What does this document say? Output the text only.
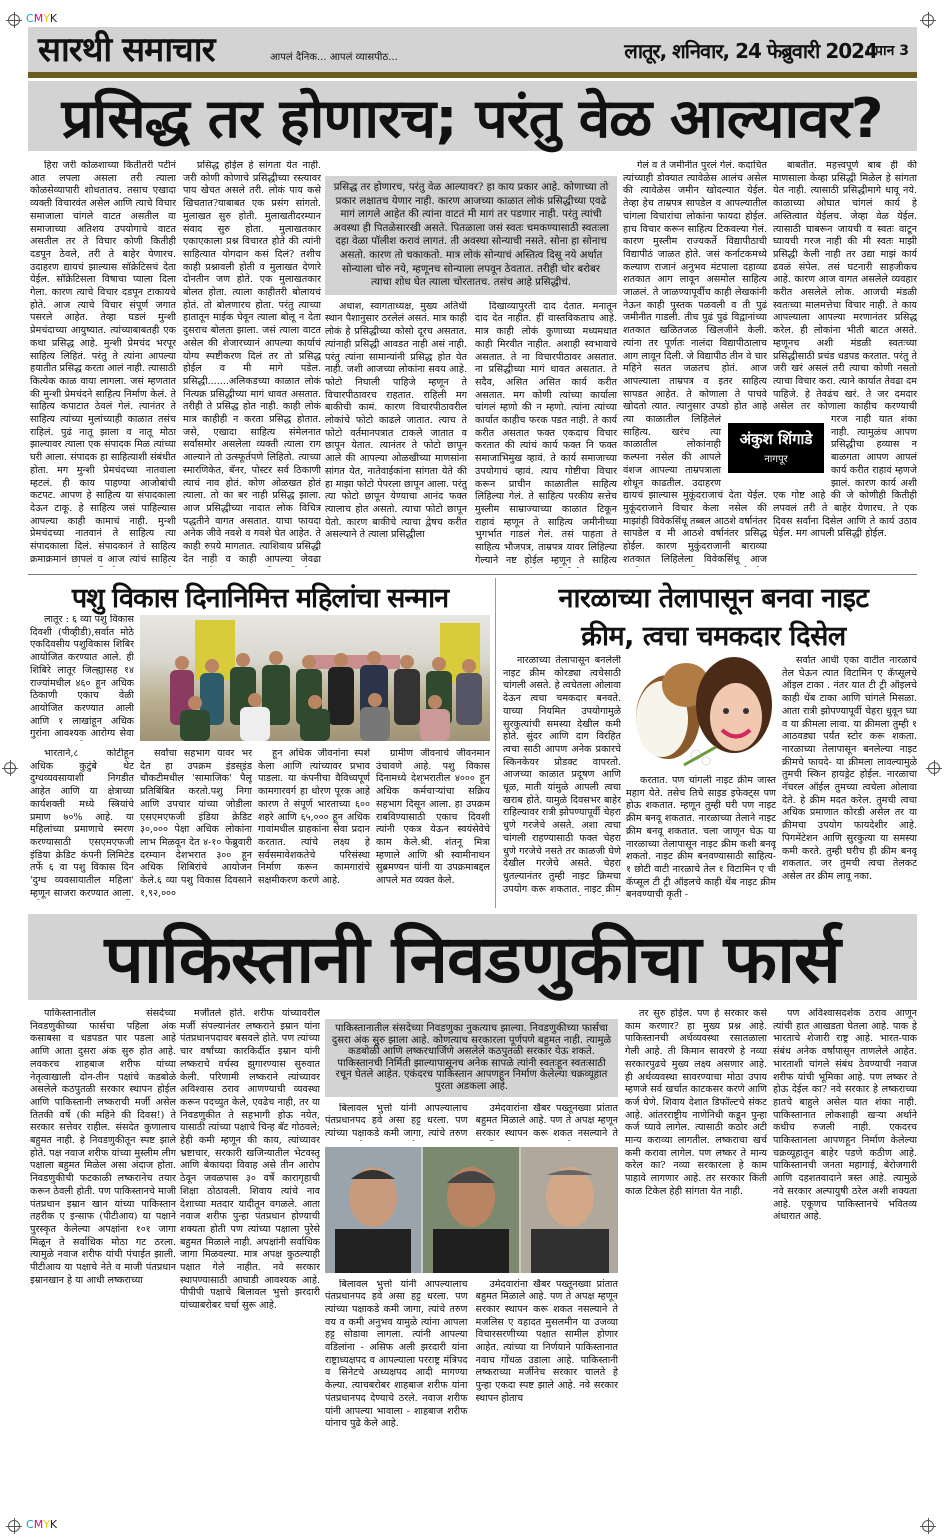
CMYK
CMYK
सारथी समाचार	आपलं दैनिक... आपलं व्यासपीठ...	लातूर, शनिवार, 24 फेब्रुवारी 2024
। पान 3
प्रसिद्ध तर होणारच; परंतु वेळ आल्यावर?

हिरा जरी कोळशाच्या कितीतरी पटीनं आत लपला असला तरी त्याला कोळसेव्यापारी शोधतातच. तसाच एखादा व्यक्ती विचारवंत असेल आणि त्याचे विचार समाजाला चांगले वाटत असतील वा समाजाच्या अतिशय उपयोगाचे वाटत असतील तर ते विचार कोणी कितीही दडपून ठेवले, तरी ते बाहेर येणारच. उदाहरण द्यायचं झाल्यास सॉक्रेटिसचं देता येईल. सॉक्रेटिसला विषाचा प्याला दिला गेला. कारण त्याचे विचार दडपून टाकायचे होते. आज त्याचे विचार संपूर्ण जगात पसरले आहेत. तेव्हा घडलं मुन्शी प्रेमचंदाच्या आयुष्यात. त्यांच्याबाबतही एक कथा प्रसिद्ध आहे. मुन्शी प्रेमचंद भरपूर साहित्य लिहितं. परंतु ते त्यांना आपल्या हयातीत प्रसिद्ध करता आलं नाही. त्यासाठी कित्येक काळ वाया लागला. जसं म्हणतात की मुन्शी प्रेमचंदने साहित्य निर्माण केलं. ते साहित्य कपाटात ठेवलं गेलं. त्यानंतर ते साहित्य त्यांच्या मुलांच्याही काळात तसंच राहिलं. पुढं नातू झाला व नातू मोठा झाल्यावर त्याला एक संपादक मिळ त्यांच्या घरी आला. संपादक हा साहित्याशी संबंधीत होता. मग मुन्शी प्रेमचंदच्या नातवाला म्हटलं. ही काय पाहण्या आजोबांची कटपट. आपण हे साहित्य या संपादकाला देऊन टाकू. हे साहित्य जसं पाहिल्यास आपल्या काही कामाचं नाही. मुन्शी प्रेमचंदच्या नातवानं ते साहित्य त्या संपादकाला दिलं. संपादकानं ते साहित्य क्रमाक्रमानं छापलं व आज त्यांचं साहित्य

प्रसिद्ध होईल हे सांगता येत नाही. जरी कोणी कोणाचे प्रसिद्धीच्या रस्त्यावर पाय खेचत असले तरी. लोकं पाय कसे खिचतात?याबाबत एक प्रसंग सांगतो. मुलाखत सुरु होती. मुलाखतीदरम्यान संवाद सुरु होता. मुलाखतकार एकाएकाला प्रश्न विचारत होते की त्यांनी साहित्यात योगदान कसं दिलं? तशीच काही प्रश्नावली होती व मुलाखत देणारे दोनतीन जण होते. एक मुलाखतकार बोलत होता. त्याला काहीतरी बोलायचं होतं. तो बोलणारच होता. परंतु त्याच्या हातातून माईक घेवून त्याला बोलू न देता दुसराच बोलता झाला. जसं त्याला वाटत असेल की शेजारच्यानं आपल्या कार्याचं योग्य स्पष्टीकरण दिलं तर तो प्रसिद्ध होईल व मी मागे पडेल. प्रसिद्धी.......अलिकडच्या काळात लोकं नित्यक्र प्रसिद्धीच्या मागं धावत असतात. तरीही ते प्रसिद्ध होत नाही. काही लोकं मात्र काहीही न करता प्रसिद्ध होतात. जसे, एखादा साहित्य संमेलनात सर्वांसमोर असलेला व्यक्ती त्याला राग आल्याने तो उत्स्फूर्तपणे लिहितो. त्याच्या स्मारणिकेत, बॅनर, पोस्टर सर्व ठिकाणी त्याचं नाव होतं. कोण ओळखत होतं त्याला. तो का बर नाही प्रसिद्ध झाला. आज प्रसिद्धीच्या नादात लोक विचित्र पद्धतीने वागत असतात. याचा फायदा अनेक जीवे नवशे व गवशे घेत आहेत. ते काही रुपये मागतात. त्याशिवाय प्रसिद्धी देत नाही व काही आपल्या जेवढा

प्रसिद्ध तर होणारच, परंतु वेळ आल्यावर? हा काय प्रकार आहे. कोणाच्या तो प्रकार लक्षातच येणार नाही. कारण आजच्या काळात लोकं प्रसिद्धीच्या एवढे मागं लागले आहेत की त्यांना वाटतं मी मागं तर पडणार नाही. परंतु त्यांची अवस्था ही पितळेसारखी असते. पितळाला जसं स्वतः चमकण्यासाठी स्वतःला दहा वेळा पॉलीश करावं लागतं. ती अवस्था सोन्याची नसते. सोना हा सोनाच असतो. कारण तो चकाकतो. मात्र लोकं सोन्याचं अस्तित्व दिसू नये अर्थात सोन्याला चोरु नये, म्हणूनच सोन्याला लपवून ठेवतात. तरीही चोर बरोबर त्याचा शोध घेत त्याला चोरतातच. तसंच आहे प्रसिद्धीचं.

अधाश, स्वागताध्यक्ष, मुख्य अतिथी स्थान पैशानुसार ठरलेलं असतं. मात्र काही लोकं हे प्रसिद्धीच्या कोसो दूरच असतात. त्यांनाही प्रसिद्धी आवडत नाही असं नाही. परंतु त्यांना सामान्यांनी प्रसिद्ध होत येत नाही. जशी आजच्या लोकांना सवय आहे. फोटो निघाली पाहिजे म्हणून ते विचारपीठावरच राहतात. राहिली मग बाकीची कामं. कारण विचारपीठावरील लोकांचे फोटो काढले जातात. त्याच ते फोटो वर्तमानपत्रात टाकले जातात व छापून येतात. त्यानंतर ते फोटो छापून आले की आपल्या ओळखीच्या माणसांना सांगत येत, नातेवाईकांना सांगता येते की हा माझा फोटो पेपरला छापून आला. परंतु त्या फोटो छापून येण्याचा आनंद फक्त त्यालाच होत असतो. त्याचा फोटो छापून येतो. कारण बाकीचे त्याचा द्वेषच करीत असल्याने ते त्याला प्रसिद्धीला

दिखाव्यापुरती दाद देतात. मनातून दाद देत नाहीत. हीं वास्तविकताच आहे. मात्र काही लोकं कुणाच्या मध्यमधात काही मिरवीत नाहीत. अशाही स्वभावाचे असतात. ते ना विचारपीठावर असतात. ना प्रसिद्धीच्या मागं धावत असतात. ते सदैव, असित असित कार्य करीत असतात. मग कोणी त्यांच्या कार्याला चांगलं म्हणो की न म्हणो. त्यांना त्यांच्या कार्यात काहीच फरक पडत नाही. ते कार्य करीत असतात फक्त एकदाच विचार करतात की त्यांचं कार्य फक्त नि फक्त समाजाभिमुख व्हावं. ते कार्य समाजाच्या उपयोगाचं व्हावं. त्याच गोष्टीचा विचार करून प्राचीन काळातील साहित्य लिहिल्या गेलं. ते साहित्य परकीय सत्तेच मुस्लीम साम्राज्याच्या काळात टिकून राहावं म्हणून ते साहित्य जमीनीच्या भुगर्भात गाडलं गेलं. तसं पाहता ते साहित्य भौजपत्र, ताम्रपत्र यावर लिहिल्या गेल्याने नष्ट होईल म्हणून ते साहित्य

गेलं व ते जमीनीत पुरलं गेलं. कदाचित त्यांच्याही डोक्यात त्यावेळेस आलंच असेल की त्यावेळेस जमीन खोदल्यात येईल. तेव्हा हेच ताम्रपत्र सापडेल व आपल्यातील चांगला विचारांचा लोकांना फायदा होईल. हाच विचार करून साहित्य टिकवल्या गेलं. कारण मुस्लीम राज्यकर्ते विद्यापीठाची विद्यापीठं जाळत होते. जसं कर्नाटकमध्ये कल्याण राजानं अनुभव मंटपाला दहाव्या शतकात आग लावून असमोल साहित्य जाळलं. ते जाळण्यापूर्वीच काही लेखकांनी नेऊन काही पुस्तक पळवली व ती पुढं जमीनीत गाडली. तीच पुढं पुढं विद्वानांच्या शतकात खळितजळ खिलजीने केली. त्यांना तर पूर्णतः नालंदा विद्यापीठालाच आग लावून दिली. जे विद्यापीठ तीन वे चार महिने सतत जळतच होतं. आज आपल्याला ताम्रपत्र व इतर साहित्य सापडत आहेत. ते कोणाला ते पाचवे खोदतो त्यात. त्यानुसार उपडो होत आहे त्या काळातील लिहिलेलं साहित्य. खरंच त्या काळातील लोकांनाही कल्पना नसेल की आपले वंशज आपल्या ताम्रपत्राला शोधून काढतील. उदाहरण द्यायचं झाल्यास मुकूंदराजाचं देता येईल. मुकूंदराजाने विचार केला नसेल की माझांही विवेकसिंधू तब्बल आठशे वर्षानंतर सापडेल व मी आठशे वर्षानंतर प्रसिद्ध होईल. कारण मुकुंदराजानी बाराव्या शतकात लिहिलेला विवेकसिंधू आज

बाबतीत. महत्त्वपूर्ण बाब ही की माणसाला केव्हा प्रसिद्धी मिळेल हे सांगता येत नाही. त्यासाठी प्रसिद्धीमागे धावू नये. काळाच्या ओघात चांगलं कार्य हे अस्तित्वात येईलच. जेव्हा वेळ येईल. त्यासाठी घाबरून जायची व स्वतः वाटून घ्यायची गरज नाही की मी स्वतः माझी प्रसिद्धी केली नाही तर उद्या माझं कार्य ढवळं संपेल. तसं घटनारी साहजीकच आहे. कारण आज वागत असलेले व्यवहार करीत असलेले लोक. आजची मंडळी स्वतःच्या मालमत्तेचा विचार नाही. ते काय आपल्याला आपल्या मरणानंतर प्रसिद्ध करेल. ही लोकांना भीती बाटत असते. म्हणूनच अशी मंडळी स्वतःच्या प्रसिद्धीसाठी प्रचंड धडपड करतात. परंतु ते जरी खरं असलं तरी त्याचा कोणी नसतो त्याचा विचार करा. त्याने कार्यात तेवढा दम पाहिजे. हे तेवढंच खरं. ते जर दमदार असेल तर कोणाला काहीच करण्याची गरज नाही यात शंका नाही. त्यामुळंच आपण प्रसिद्धीचा हव्यास न बाळगता आपण आपलं कार्य करीत राहावं म्हणजे झालं. कारण कार्य अशी एक गोष्ट आहे की जे कोणीही कितीही लपवलं तरी ते बाहेर येणारच. ते एक दिवस सर्वांना दिसेल आणि ते कार्य उठाव घेईल. मग आपली प्रसिद्धी होईल.

अंकुश शिंगाडे
नागपूर
पशु विकास दिनानिमित्त महिलांचा सन्मान

लातूर : ६ व्या पशु विकास दिवशी (पीव्हीडी),सर्वात मोठे एकदिवसीय पशुविकास शिबिर आयोजित करण्यात आले. ही शिबिरे लातूर जिल्ह्यासह १४ राज्यांमधील ४६० हून अधिक ठिकाणी एकाच वेळी आयोजित करण्यात आली आणि १ लाखांहून अधिक गुरांना आवश्यक आरोग्य सेवा

भारताने,८ कोटीहून अधिक कुटुंबे थेट दुग्धव्यवसायाशी निगडीत आहेत आणि या क्षेत्राच्या कार्यशक्ती मध्ये स्त्रियांचे प्रमाण ७०% आहे. या महिलांच्या प्रमाणाचे स्मरण करण्यासाठी एसएमएफजी इंडिया क्रेडिट कंपनी लिमिटेड तर्फे ६ वा पशु विकास दिन 'दुग्ध व्यवसायातील महिला' म्हणून साजरा करण्यात आला.

सर्वांचा सहभाग यावर भर देत हा उपक्रम इंडस्इंड चौकटीमधील 'सामाजिक' पैलू प्रतिबिंबित करतो.पशु निगा आणि उपचार यांच्या जोडीला एसएमएफजी इंडिया क्रेडिट ३०,००० पेक्षा अधिक लोकांना लाभ मिळवून देत ४-१० फेब्रुवारी दरम्यान देशभरात ३०० हून अधिक शिबिरांचे आयोजन केले.६ व्या पशु विकास दिवसाने १,९२,०००

हून अधिक जीवनांना स्पर्श केला आणि त्यांच्यावर प्रभाव पाडला. या कंपनीचा वैविध्यपूर्ण कामगारवर्ग हा धोरण पूरक आहे कारण ते संपूर्ण भारताच्या ६०० शहरे आणि ६५,००० हून अधिक गावांमधील ग्राहकांना सेवा प्रदान करतात. त्यांचे लक्ष्य हे सर्वसमावेशकतेचे परिसंस्था निर्माण करून कामगारांचे सक्षमीकरण करणे आहे.

ग्रामीण जीवनाचे जीवनमान उंचावणे आहे. पशु विकास दिनामध्ये देशभरातील ४००० हून अधिक कर्मचाऱ्यांचा सक्रिय सहभाग दिसून आला. हा उपक्रम राबविण्यासाठी एकाच दिवशी त्यांनी एकत्र येऊन स्वयंसेवेचे काम केले.श्री. शंतनू मित्रा म्हणाले आणि श्री स्वामीनाथन सुब्रमण्यन यांनी या उपक्रमाबद्दल आपले मत व्यक्त केले.

नारळाच्या तेलापासून बनवा नाइट
क्रीम, त्वचा चमकदार दिसेल

नारळाच्या तेलापासून बनलेली नाइट क्रीम कोरड्या त्वचेसाठी चांगली असते. हे त्वचेतला ओलावा देऊन त्वचा चमकदार बनवते. याच्या नियमित उपयोगामुळे सुरकुत्यांची समस्या देखील कमी होते. सुंदर आणि दाग विरहित त्वचा साठी आपण अनेक प्रकारचे स्किनकेयर प्रोडक्ट वापरतो. आजच्या काळात प्रदूषण आणि धूळ, माती यांमुळे आपली त्वचा खराब होते. यामुळे दिवसभर बाहेर राहिल्यावर रात्री झोपण्यापूर्वी चेहरा धुणे गरजेचे असते. अशा त्वचा चांगली राहण्यासाठी फक्त चेहरा धुणे गरजेचे नसते तर काळजी घेणे देखील गरजेचे असते. चेहरा धुतल्यानंतर तुम्ही नाइट क्रिमचा उपयोग करू शकतात. नाइट क्रीम

करतात. पण चांगली नाइट क्रीम जास्त महाग येते. तसेच तिचे साइड इफेक्ट्स पण होऊ शकतात. म्हणून तुम्ही घरी पण नाइट क्रीम बनवू शकतात. नारळाच्या तेलाने नाइट क्रीम बनवू शकतात. चला जाणून घेऊ या नारळाच्या तेलापासून नाइट क्रीम कशी बनवू शकतो. नाइट क्रीम बनवण्यासाठी साहित्य- १ छोटी वाटी नारळाचे तेल १ विटामिन ए ची कॅप्सूल टी ट्री ऑइलचे काही थेंब नाइट क्रीम बनवण्याची कृती -

सर्वात आधी एका वाटीत नारळाचे तेल घेऊन त्यात विटामिन ए कॅप्सूलचे ऑइल टाका . नंतर यात टी ट्री ऑइलचे काही थेंब टाका आणि चांगले मिसळा. आता रात्री झोपण्यापूर्वी चेहरा धुवून घ्या व या क्रीमला लावा. या क्रीमला तुम्ही १ आठवड्या पर्यंत स्टोर करू शकता. नारळाच्या तेलापासून बनलेल्या नाइट क्रीमचे फायदे- या क्रीमला लावल्यामुळे तुमची स्किन हायड्रेट होईल. नारळाचा नॅचरल ऑईल तुमच्या त्वचेला ओलावा देते. हे क्रीम मदत करेल. तुमची त्वचा अधिक प्रमाणात कोरडी असेल तर या क्रीमचा उपयोग फायदेशीर आहे. पिगमेंटेशन आणि सुरकुत्या या समस्या कमी करते. तुम्ही घरीच ही क्रीम बनवू शकतात. जर तुमची त्वचा तेलकट असेल तर क्रीम लावू नका.

पाकिस्तानी निवडणुकीचा फार्स

पाकिस्तानातील संसदेच्या निवडणुकीच्या फार्सचा पहिला अंक कसाबसा व धडपडत पार पडला आहे आणि आता दुसरा अंक सुरु होत आहे. लवकरच शाहबाज शरीफ यांच्या नेतृत्वाखाली दोन-तीन पक्षांचे कडबोळे असलेले कठपुतळी सरकार स्थापन होईल आणि पाकिस्तानी लष्कराची मर्जी असेल तितकी वर्षे (की महिने की दिवस!) ते सरकार सत्तेवर राहील. संसदेत कुणालाच बहुमत नाही. हे निवडणुकीतून स्पष्ट झाले होते. पक्ष नवाज शरीफ यांच्या मुस्लीम लीग पक्षाला बहुमत मिळेल असा अंदाज होता. निवडणुकीची फटकाळी लष्करानेच तयार करून ठेवली होती. पण पाकिस्तानचे माजी पंतप्रधान इम्रान खान यांच्या पाकिस्तान तहरीक ए इन्साफ (पीटीआय) या पक्षाने पुरस्कृत केलेल्या अपक्षांना १०१ जागा मिळून ते सर्वाधिक मोठा गट ठरला. त्यामुळे नवाज शरीफ यांची पंचाईत झाली. पीटीआय या पक्षाचे नेते व माजी पंतप्रधान इम्रानखान हे या आधी लष्कराच्या

मर्जीतले होते. शरीफ यांच्यावरील मर्जी संपल्यानंतर लष्कराने इम्रान यांना पंतप्रधानपदावर बसवले होते. पण त्यांच्या चार वर्षांच्या कारकिर्दीत इम्रान यांनी लष्कराचे वर्चस्व झुगारण्यास सुरुवात केली. परिणामी लष्कराने त्यांच्यावर अविश्वास ठराव आणण्याची व्यवस्था करून पदच्युत केले, एवढेच नाही, तर या निवडणुकीत ते सहभागी होऊ नयेत, यासाठी त्यांच्या पक्षाचे चिन्ह बॅट गोठवले; हेही कमी म्हणून की काय, त्यांच्यावर भ्रष्टाचार, सरकारी खजिन्यातील भेटवस्तू आणि बेकायदा विवाह असे तीन आरोप ठेवून जवळपास ३० वर्षे कारागृहाची शिक्षा ठोठावली. शिवाय त्यांचे नाव देशाच्या मतदार यादीतून वगळले. आता नवाज शरीफ पुन्हा पंतप्रधान होण्याची शक्यता होती पण त्यांच्या पक्षाला पुरेसे बहुमत मिळाले नाही. अपक्षांनी सर्वाधिक जागा मिळवल्या. मात्र अपक्ष कुठल्याही पक्षात गेले नाहीत. नवे सरकार स्थापण्यासाठी आघाडी आवश्यक आहे. पीपीपी पक्षाचे बिलावल भुत्तो झरदारी यांच्याबरोबर चर्चा सुरू आहे.

पाकिस्तानातील संसदेच्या निवडणुका नुकत्याच झाल्या. निवडणुकीच्या फार्सचा दुसरा अंक सुरु झाला आहे. कोणत्याच सरकारला पूर्णपणे बहुमत नाही. त्यामुळे कडबोळी आणि लष्करधार्जिणे असलेले कठपुतळी सरकार येऊ शकते. पाकिस्तानची निर्मिती झाल्यापासूनच अनेक सापळे त्यांनी स्वतःहून स्वतःसाठी रचून घेतले आहेत. एकंदरच पाकिस्तान आपणहून निर्माण केलेल्या चक्रव्यूहात पुरता अडकला आहे.

बिलावल भुत्तो यांनी आपल्यालाच पंतप्रधानपद हवे असा हट्ट धरला. पण त्यांच्या पक्षाकडे कमी जागा, त्यांचे तरुण

उमेदवारांना खैबर पख्तूनख्वा प्रांतात बहुमत मिळाले आहे. पण ते अपक्ष म्हणून सरकार स्थापन करू शकत नसल्याने ते

बिलावल भुत्तो यांनी आपल्यालाच पंतप्रधानपद हवे असा हट्ट धरला. पण त्यांच्या पक्षाकडे कमी जागा, त्यांचे तरुण वय व कमी अनुभव यामुळे त्यांना आपला हट्ट सोडावा लागला. त्यांनी आपल्या वडिलांना - असिफ अली झरदारी यांना राष्ट्राध्यक्षपद व आपल्याला परराष्ट्र मंत्रिपद व सिनेटचे अध्यक्षपद आदी मागण्या केल्या. त्याचबरोबर शाहबाज शरीफ यांना पंतप्रधानपद देण्याचे ठरले. नवाज शरीफ यांनी आपल्या भावाला - शाहबाज शरीफ यांनाच पुढे केले आहे.

उमेदवारांना खैबर पख्तूनख्वा प्रांतात बहुमत मिळाले आहे. पण ते अपक्ष म्हणून सरकार स्थापन करू शकत नसल्याने ते मजलिस ए वहादत मुसलमीन या उजव्या विचारसरणीच्या पक्षात सामील होणार आहेत. त्यांच्या या निर्णयाने पाकिस्तानात नवाच गोंधळ उडाला आहे. पाकिस्तानी लष्कराच्या मर्जीनेच सरकार चालते हे पुन्हा एकदा स्पष्ट झाले आहे. नवे सरकार स्थापन होताच

तर सुरु होईल. पण हे सरकार कसे काम करणार? हा मुख्य प्रश्न आहे. पाकिस्तानची अर्थव्यवस्था रसातळाला गेली आहे. ती किमान सावरणे हे नव्या सरकारपुढचे मुख्य लक्ष्य असणार आहे. ही अर्थव्यवस्था सावरण्याचा मोठा उपाय म्हणजे सर्व खर्चात काटकसर करणे आणि कर्ज घेणे. शिवाय देशात डिफॉल्टचे संकट आहे. आंतरराष्ट्रीय नाणेनिधी कडून पुन्हा कर्ज घ्यावे लागेल. त्यासाठी कठोर अटी मान्य कराव्या लागतील. लष्कराचा खर्च कमी करावा लागेल. पण लष्कर ते मान्य करेल का? नव्या सरकारला हे काम पाहावे लागणार आहे. तर सरकार किती काळ टिकेल हेही सांगता येत नाही.

पण अविश्वासदर्शक ठराव आणून त्यांची हात आखडता घेतला आहे. पाक हे भारताचे शेजारी राष्ट्र आहे. भारत-पाक संबंध अनेक वर्षांपासून ताणलेले आहेत. भारताशी चांगले संबंध ठेवण्याची नवाज शरीफ यांची भूमिका आहे. पण लष्कर ते होऊ देईल का? नवे सरकार हे लष्कराच्या हातचे बाहुले असेल यात शंका नाही. पाकिस्तानात लोकशाही खऱ्या अर्थाने कधीच रुजली नाही. एकदरच पाकिस्तानला आपणहून निर्माण केलेल्या चक्रव्यूहातून बाहेर पडणे कठीण आहे. पाकिस्तानची जनता महागाई, बेरोजगारी आणि दहशतवादाने त्रस्त आहे. त्यामुळे नवे सरकार अल्पायुषी ठरेल अशी शक्यता आहे. एकूणच पाकिस्तानचे भवितव्य अंधारात आहे.
